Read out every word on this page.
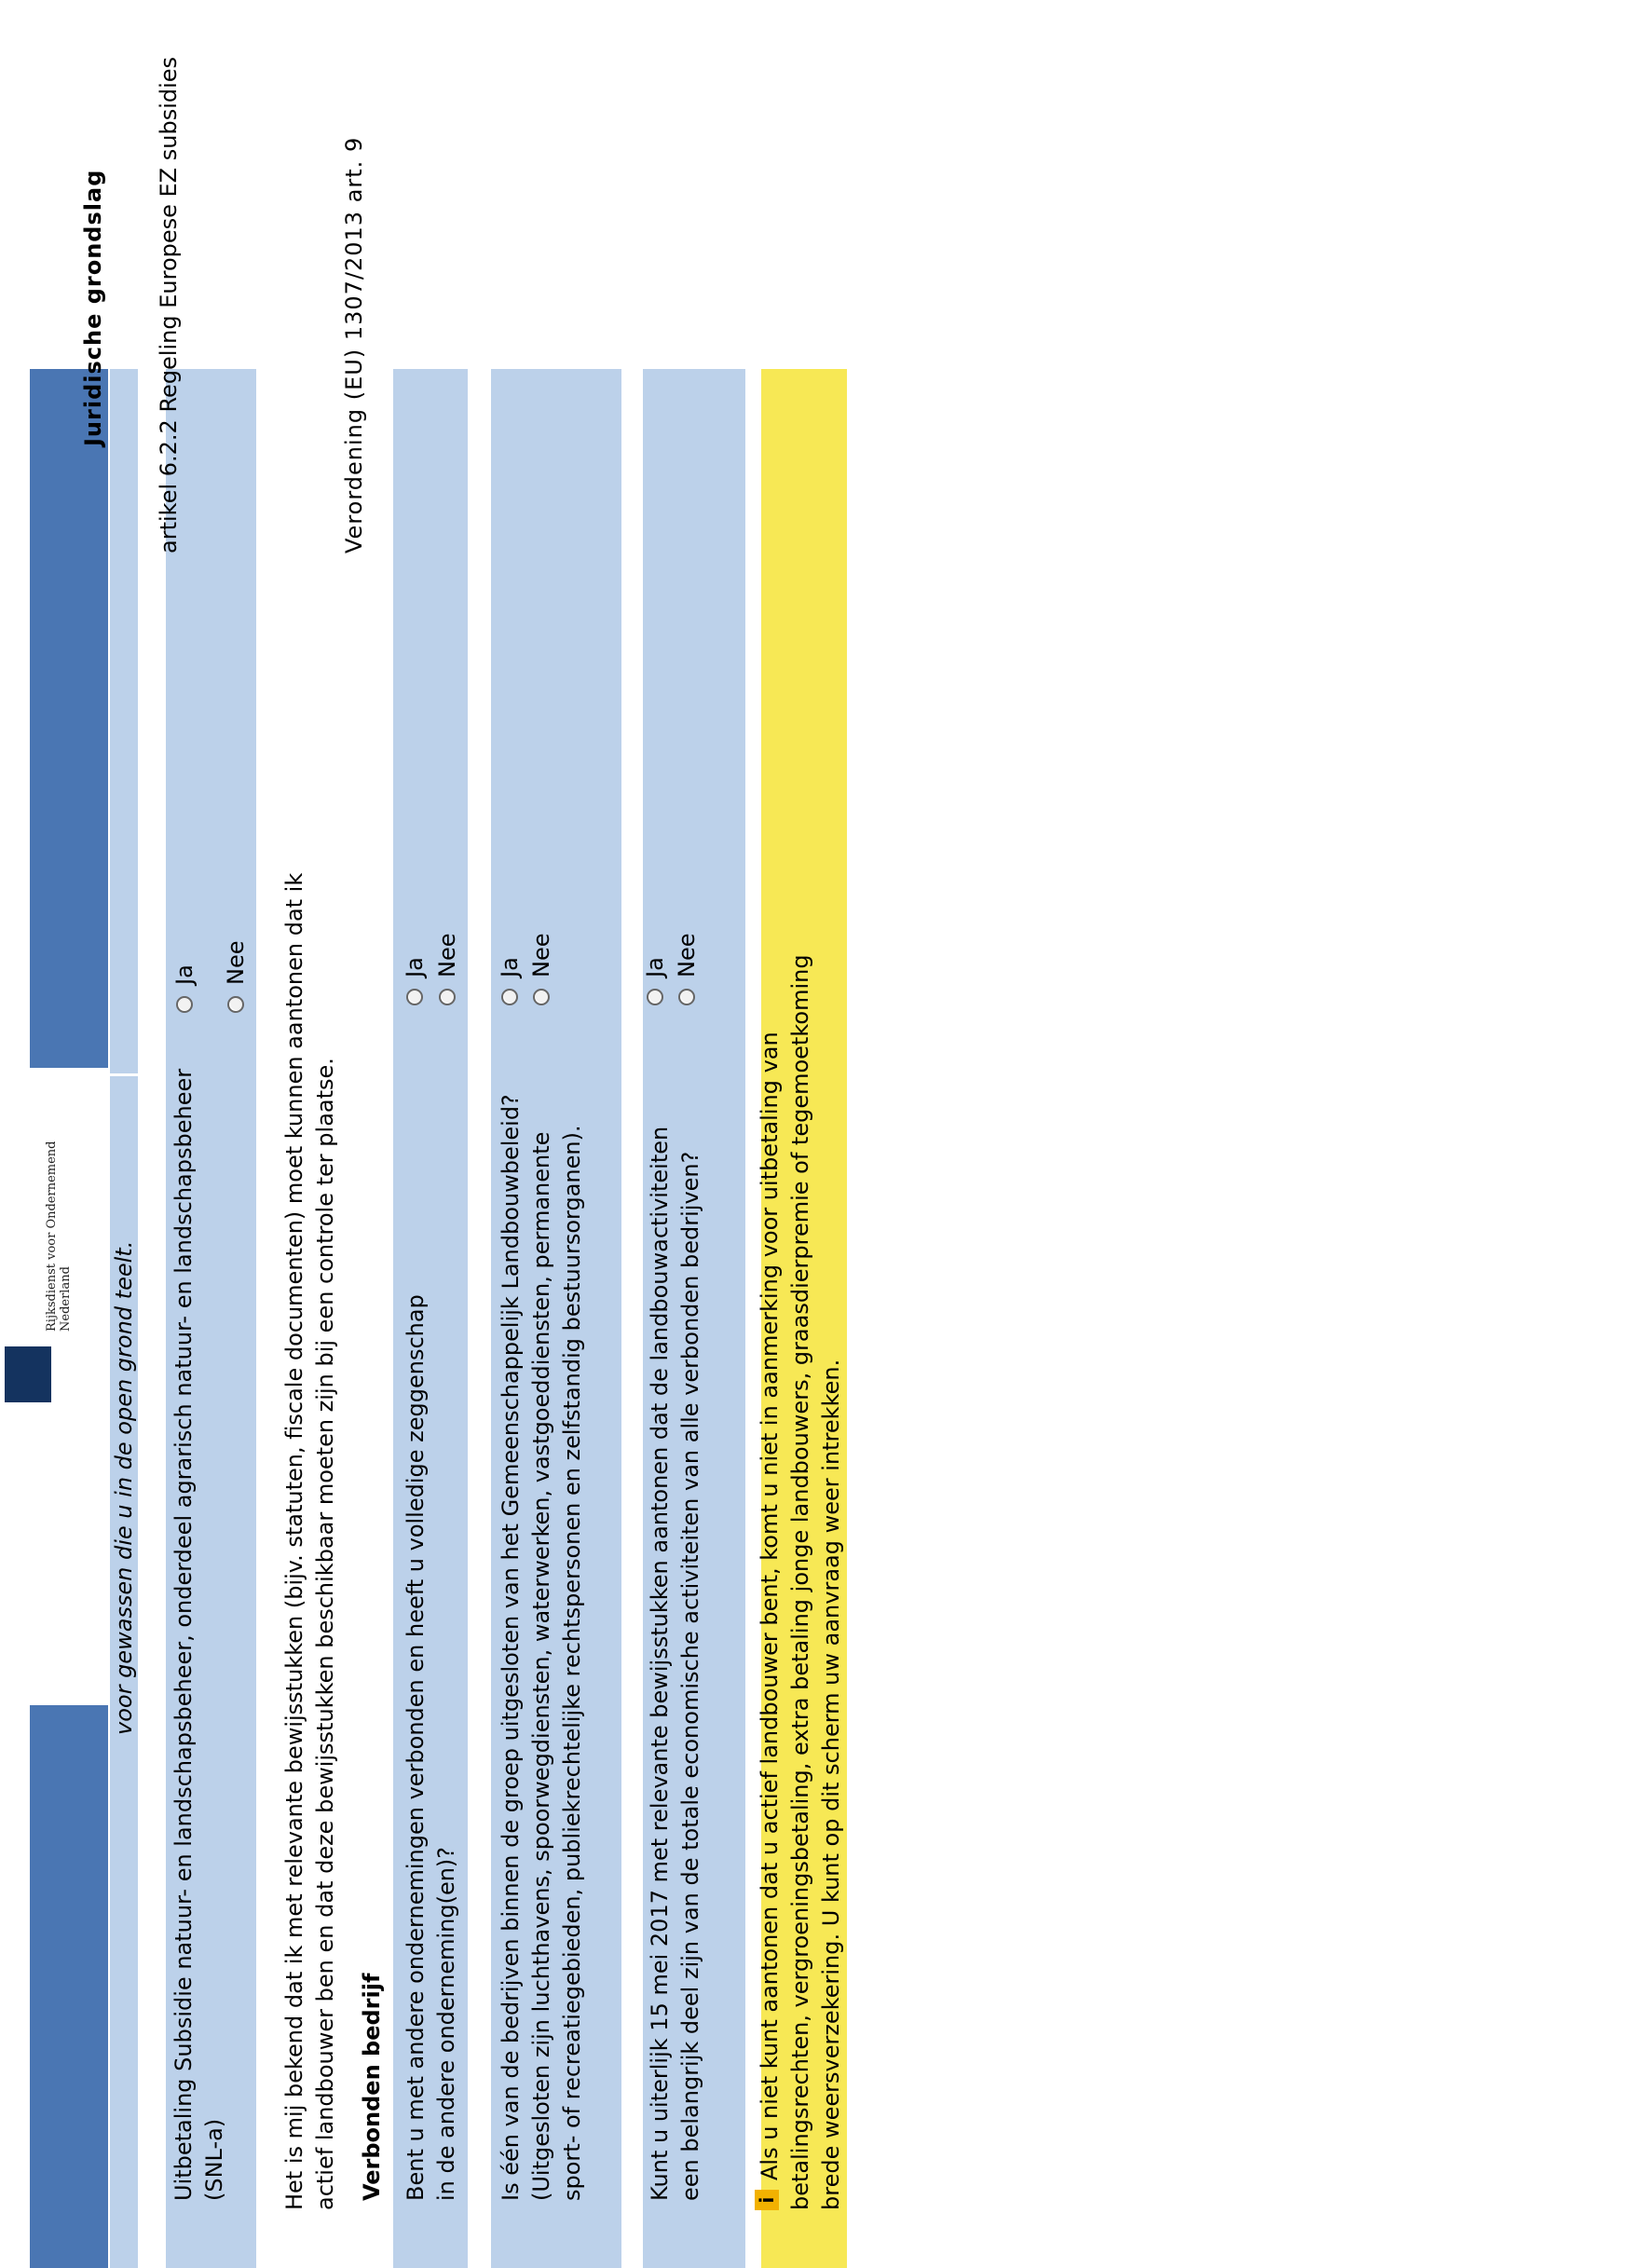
Rijksdienst voor Ondernemend Nederland voor gewassen die u in de open grond teelt. Uitbetaling Subsidie natuur- en landschapsbeheer, onderdeel agrarisch natuur- en landschapsbeheer (SNL-a)
Ja Nee Het is mij bekend dat ik met relevante bewijsstukken (bijv. statuten, fiscale documenten) moet kunnen aantonen dat ik actief landbouwer ben en dat deze bewijsstukken beschikbaar moeten zijn bij een controle ter plaatse. Verbonden bedrijf Bent u met andere ondernemingen verbonden en heeft u volledige zeggenschap in de andere onderneming(en)?
Ja Nee
Is één van de bedrijven binnen de groep uitgesloten van het Gemeenschappelijk Landbouwbeleid? (Uitgesloten zijn luchthavens, spoorwegdiensten, waterwerken, vastgoeddiensten, permanente sport- of recreatiegebieden, publiekrechtelijke rechtspersonen en zelfstandig bestuursorganen).
Ja Nee
Kunt u uiterlijk 15 mei 2017 met relevante bewijsstukken aantonen dat de landbouwactiviteiten een belangrijk deel zijn van de totale economische activiteiten van alle verbonden bedrijven?
Ja Nee
iAls u niet kunt aantonen dat u actief landbouwer bent, komt u niet in aanmerking voor uitbetaling van betalingsrechten, vergroeningsbetaling, extra betaling jonge landbouwers, graasdierpremie of tegemoetkoming brede weersverzekering. U kunt op dit scherm uw aanvraag weer intrekken.
Juridische grondslag artikel 6.2.2 Regeling Europese EZ subsidies	Verordening (EU) 1307/2013 art. 9
